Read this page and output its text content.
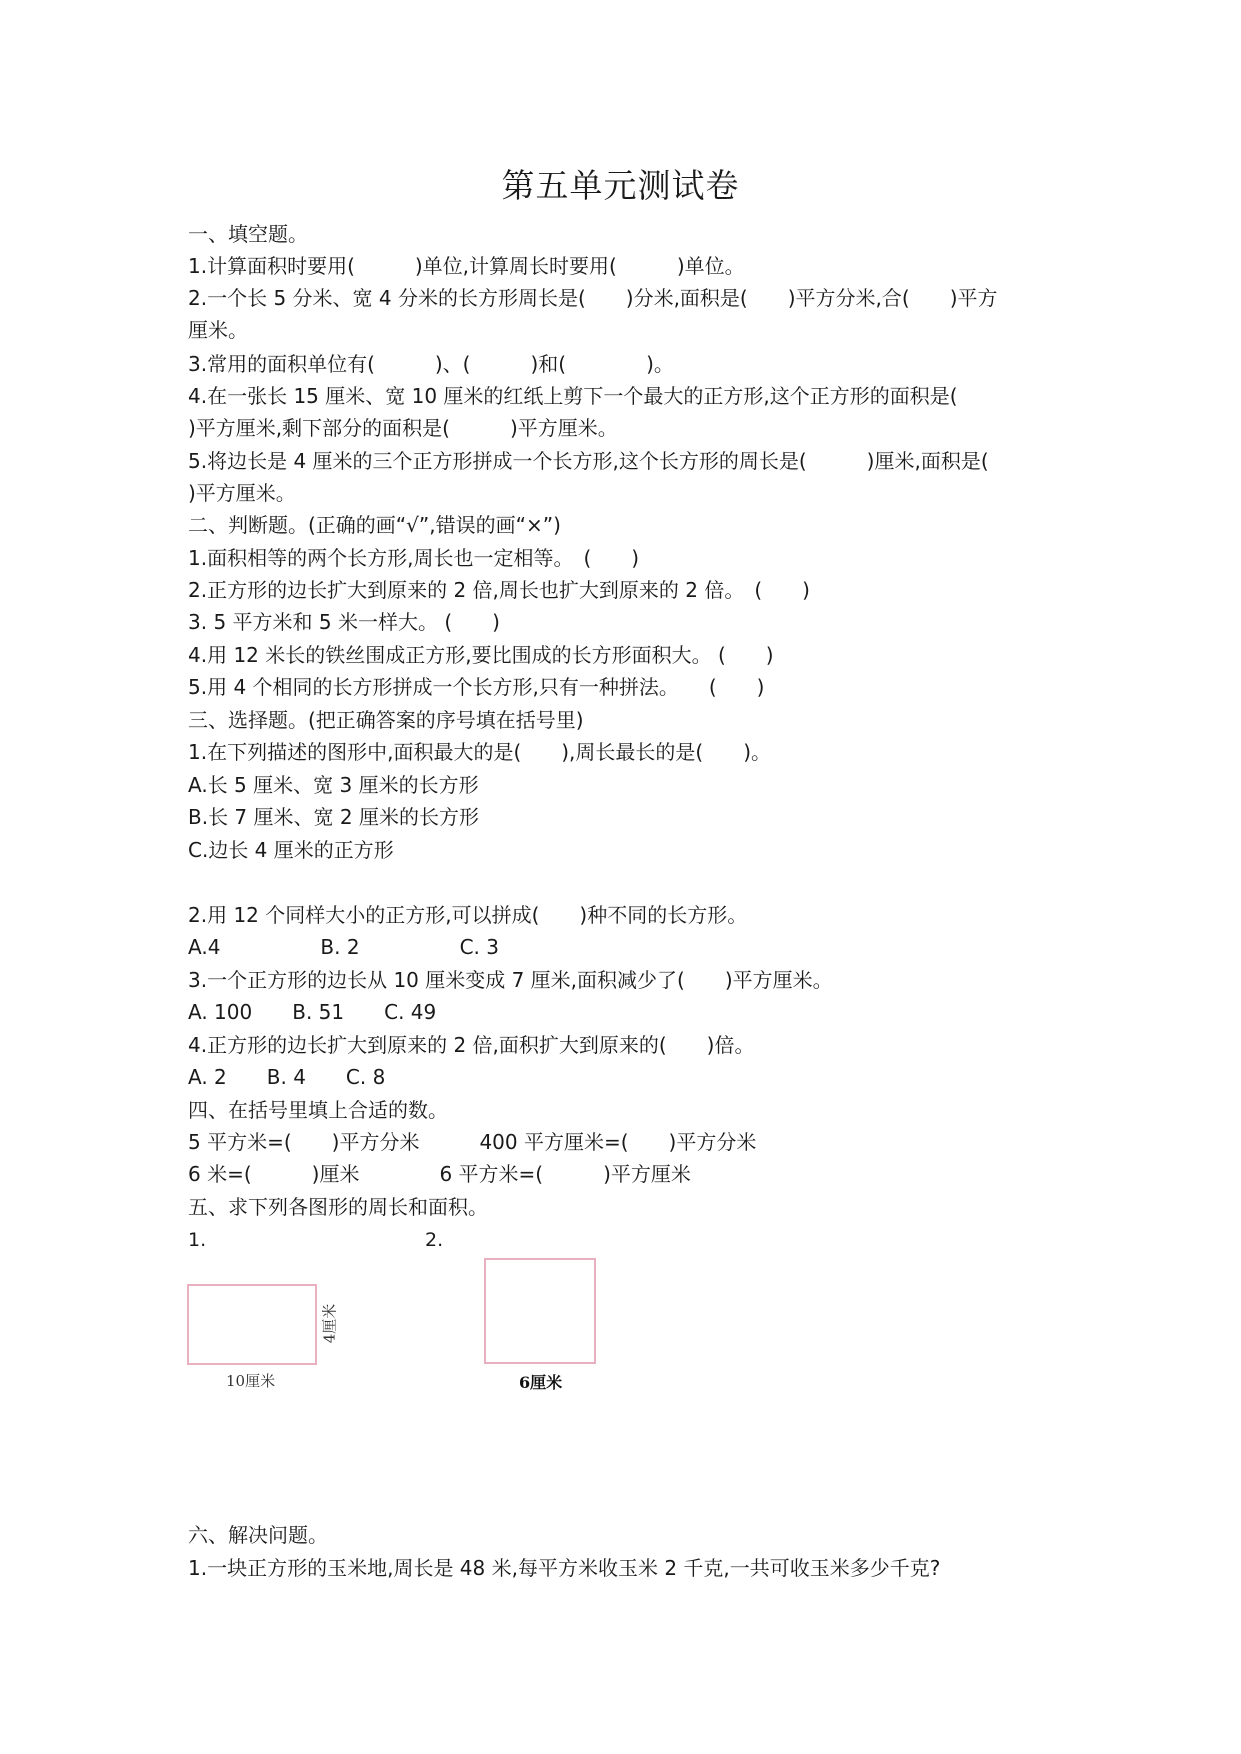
第五单元测试卷

一、填空题。

1.计算面积时要用(　　　)单位,计算周长时要用(　　　)单位。

2.一个长 5 分米、宽 4 分米的长方形周长是(　　)分米,面积是(　　)平方分米,合(　　)平方

厘米。

3.常用的面积单位有(　　　)、(　　　)和(　　　　)。

4.在一张长 15 厘米、宽 10 厘米的红纸上剪下一个最大的正方形,这个正方形的面积是(

)平方厘米,剩下部分的面积是(　　　)平方厘米。

5.将边长是 4 厘米的三个正方形拼成一个长方形,这个长方形的周长是(　　　)厘米,面积是(

)平方厘米。

二、判断题。(正确的画“√”,错误的画“×”)

1.面积相等的两个长方形,周长也一定相等。　(　　)

2.正方形的边长扩大到原来的 2 倍,周长也扩大到原来的 2 倍。　(　　)

3. 5 平方米和 5 米一样大。 (　　)

4.用 12 米长的铁丝围成正方形,要比围成的长方形面积大。 (　　)

5.用 4 个相同的长方形拼成一个长方形,只有一种拼法。　　(　　)

三、选择题。(把正确答案的序号填在括号里)

1.在下列描述的图形中,面积最大的是(　　),周长最长的是(　　)。

A.长 5 厘米、宽 3 厘米的长方形

B.长 7 厘米、宽 2 厘米的长方形

C.边长 4 厘米的正方形

2.用 12 个同样大小的正方形,可以拼成(　　)种不同的长方形。

A.4　　　　　B. 2　　　　　C. 3

3.一个正方形的边长从 10 厘米变成 7 厘米,面积减少了(　　)平方厘米。

A. 100　　B. 51　　C. 49

4.正方形的边长扩大到原来的 2 倍,面积扩大到原来的(　　)倍。

A. 2　　B. 4　　C. 8

四、在括号里填上合适的数。

5 平方米=(　　)平方分米　　　400 平方厘米=(　　)平方分米

6 米=(　　　)厘米　　　　6 平方米=(　　　)平方厘米

五、求下列各图形的周长和面积。

1.	2.
10厘米
4厘米
6厘米

六、解决问题。

1.一块正方形的玉米地,周长是 48 米,每平方米收玉米 2 千克,一共可收玉米多少千克?
